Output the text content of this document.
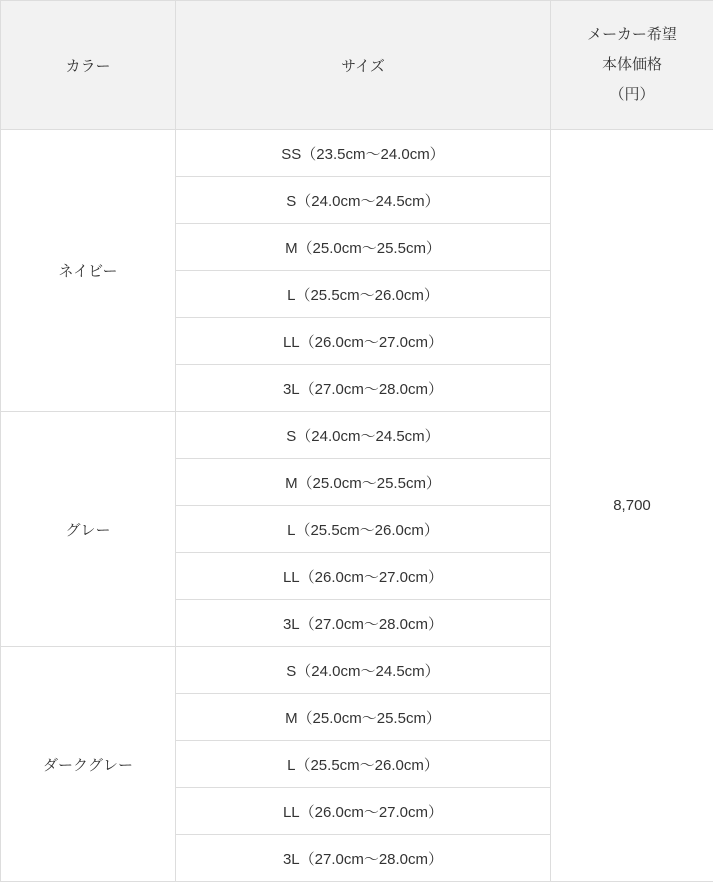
カラー	サイズ	メーカー希望
本体価格
（円）

ネイビー	SS（23.5cm～24.0cm）	8,700
	S（24.0cm～24.5cm）	
	M（25.0cm～25.5cm）	
	L（25.5cm～26.0cm）	
	LL（26.0cm～27.0cm）	
	3L（27.0cm～28.0cm）	
グレー	S（24.0cm～24.5cm）	
	M（25.0cm～25.5cm）	
	L（25.5cm～26.0cm）	
	LL（26.0cm～27.0cm）	
	3L（27.0cm～28.0cm）	
ダークグレー	S（24.0cm～24.5cm）	
	M（25.0cm～25.5cm）	
	L（25.5cm～26.0cm）	
	LL（26.0cm～27.0cm）	
	3L（27.0cm～28.0cm）	
